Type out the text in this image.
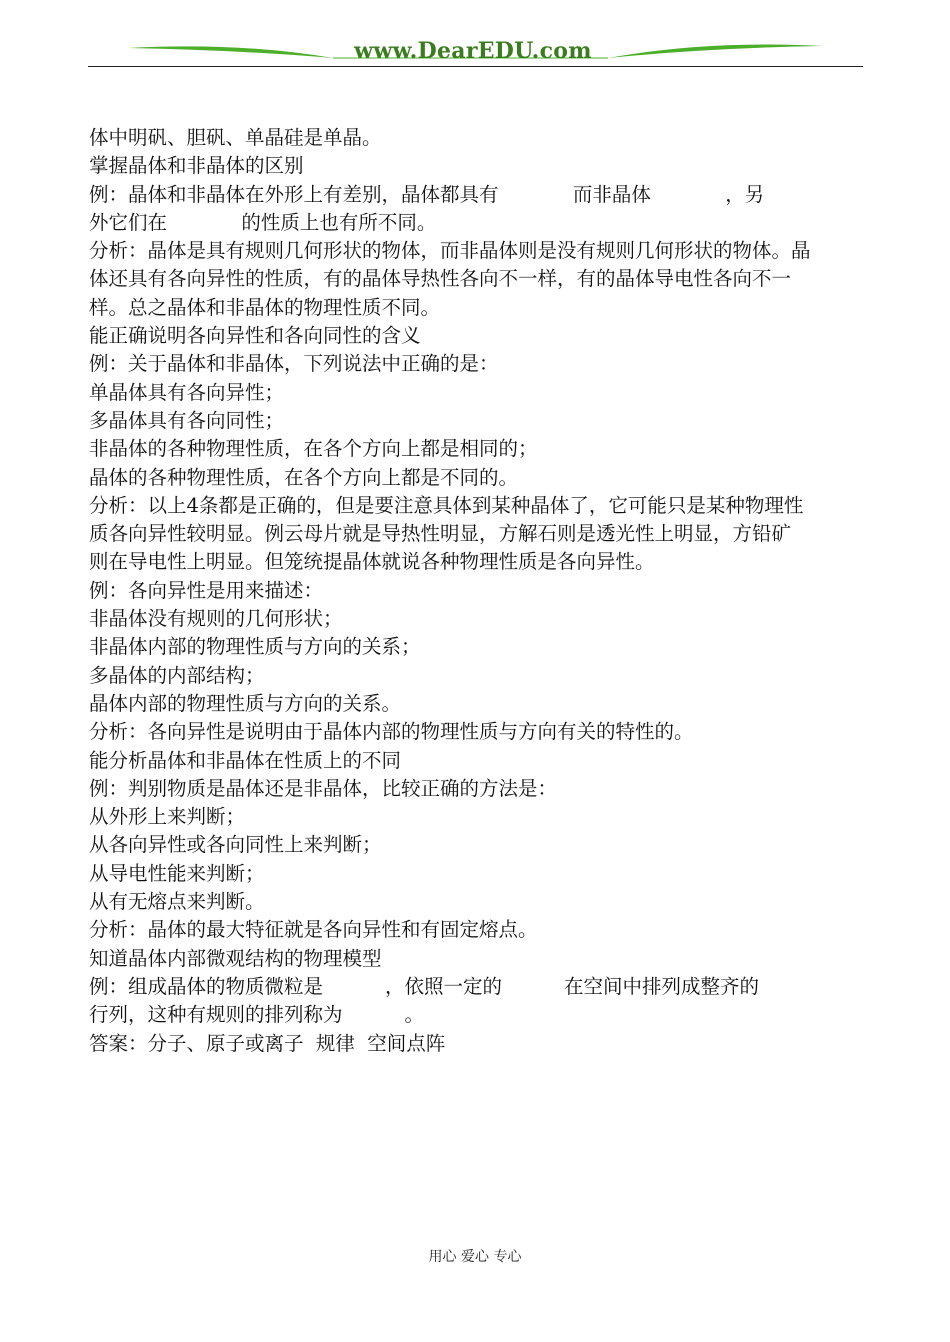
www.DearEDU.com
体中明矾、胆矾、单晶硅是单晶。
掌握晶体和非晶体的区别
例：晶体和非晶体在外形上有差别，晶体都具有            而非晶体            ，另
外它们在            的性质上也有所不同。
分析：晶体是具有规则几何形状的物体，而非晶体则是没有规则几何形状的物体。晶
体还具有各向异性的性质，有的晶体导热性各向不一样，有的晶体导电性各向不一
样。总之晶体和非晶体的物理性质不同。
能正确说明各向异性和各向同性的含义
例：关于晶体和非晶体，下列说法中正确的是：
单晶体具有各向异性；
多晶体具有各向同性；
非晶体的各种物理性质，在各个方向上都是相同的；
晶体的各种物理性质，在各个方向上都是不同的。
分析：以上4条都是正确的，但是要注意具体到某种晶体了，它可能只是某种物理性
质各向异性较明显。例云母片就是导热性明显，方解石则是透光性上明显，方铅矿
则在导电性上明显。但笼统提晶体就说各种物理性质是各向异性。
例：各向异性是用来描述：
非晶体没有规则的几何形状；
非晶体内部的物理性质与方向的关系；
多晶体的内部结构；
晶体内部的物理性质与方向的关系。
分析：各向异性是说明由于晶体内部的物理性质与方向有关的特性的。
能分析晶体和非晶体在性质上的不同
例：判别物质是晶体还是非晶体，比较正确的方法是：
从外形上来判断；
从各向异性或各向同性上来判断；
从导电性能来判断；
从有无熔点来判断。
分析：晶体的最大特征就是各向异性和有固定熔点。
知道晶体内部微观结构的物理模型
例：组成晶体的物质微粒是          ，依照一定的          在空间中排列成整齐的
行列，这种有规则的排列称为          。
答案：分子、原子或离子  规律  空间点阵
用心 爱心 专心
